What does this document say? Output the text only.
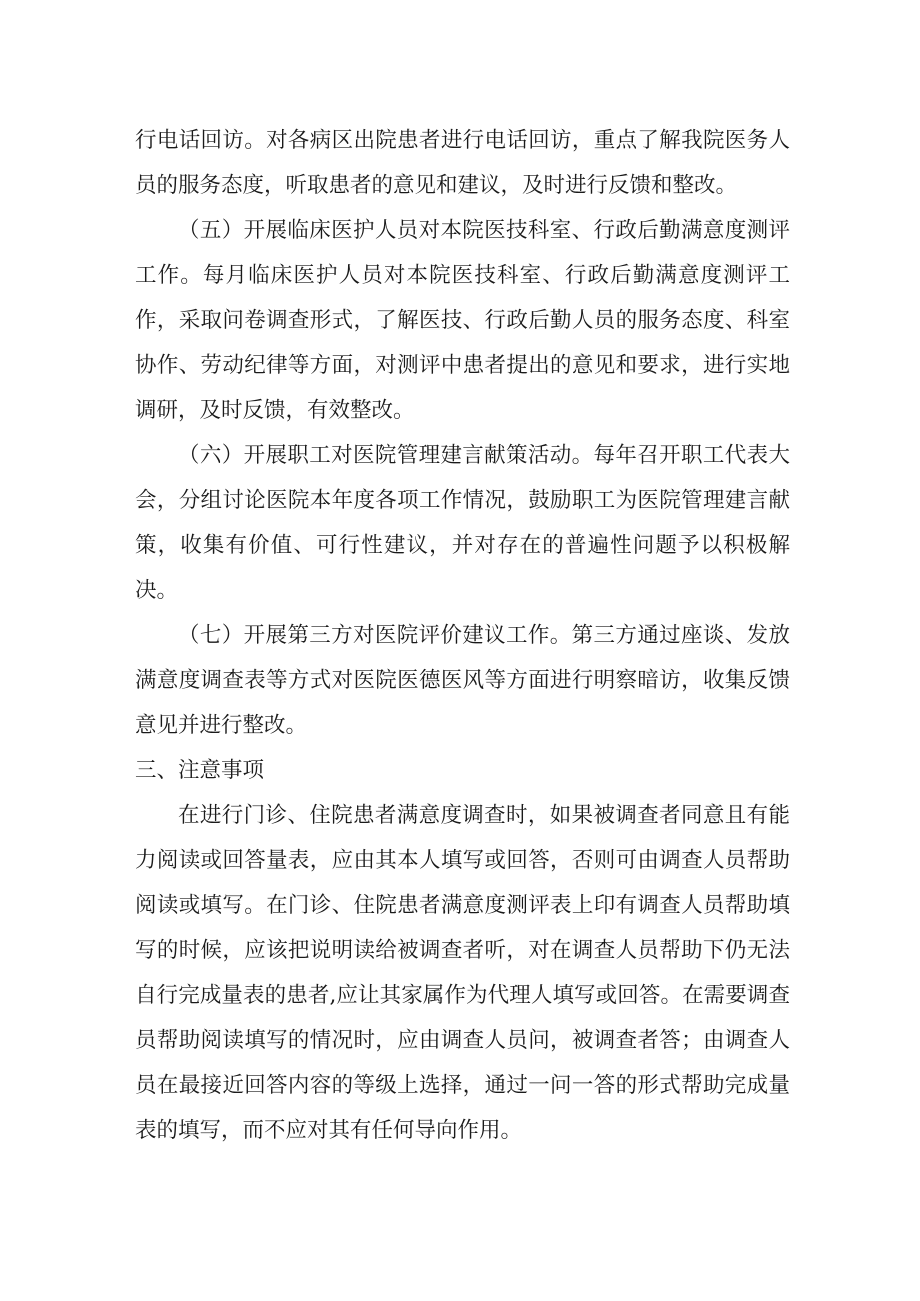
行电话回访。对各病区出院患者进行电话回访，重点了解我院医务人员的服务态度，听取患者的意见和建议，及时进行反馈和整改。

（五）开展临床医护人员对本院医技科室、行政后勤满意度测评工作。每月临床医护人员对本院医技科室、行政后勤满意度测评工作，采取问卷调查形式，了解医技、行政后勤人员的服务态度、科室协作、劳动纪律等方面，对测评中患者提出的意见和要求，进行实地调研，及时反馈，有效整改。

（六）开展职工对医院管理建言献策活动。每年召开职工代表大会，分组讨论医院本年度各项工作情况，鼓励职工为医院管理建言献策，收集有价值、可行性建议，并对存在的普遍性问题予以积极解决。

（七）开展第三方对医院评价建议工作。第三方通过座谈、发放满意度调查表等方式对医院医德医风等方面进行明察暗访，收集反馈意见并进行整改。

三、注意事项

在进行门诊、住院患者满意度调查时，如果被调查者同意且有能力阅读或回答量表，应由其本人填写或回答，否则可由调查人员帮助阅读或填写。在门诊、住院患者满意度测评表上印有调查人员帮助填写的时候，应该把说明读给被调查者听，对在调查人员帮助下仍无法自行完成量表的患者,应让其家属作为代理人填写或回答。在需要调查员帮助阅读填写的情况时，应由调查人员问，被调查者答；由调查人员在最接近回答内容的等级上选择，通过一问一答的形式帮助完成量表的填写，而不应对其有任何导向作用。
